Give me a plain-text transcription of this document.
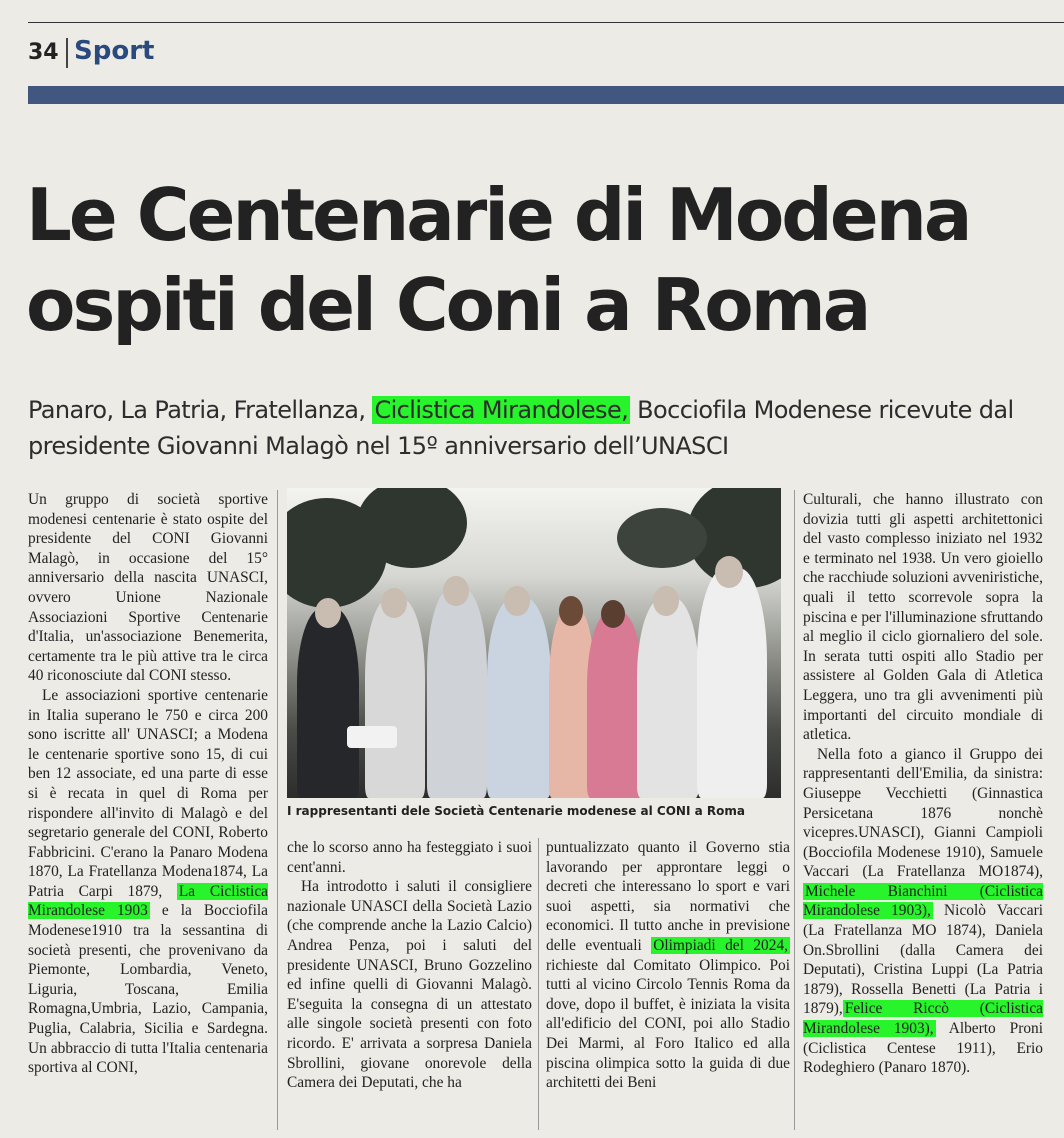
34 Sport
Le Centenarie di Modena
ospiti del Coni a Roma
Panaro, La Patria, Fratellanza, Ciclistica Mirandolese, Bocciofila Modenese ricevute dal presidente Giovanni Malagò nel 15º anniversario dell’UNASCI

Un gruppo di società sportive modenesi centenarie è stato ospite del presidente del CONI Giovanni Malagò, in occasione del 15° anniversario della nascita UNASCI, ovvero Unione Nazionale Associazioni Sportive Centenarie d'Italia, un'associazione Benemerita, certamente tra le più attive tra le circa 40 riconosciute dal CONI stesso.

Le associazioni sportive centenarie in Italia superano le 750 e circa 200 sono iscritte all' UNASCI; a Modena le centenarie sportive sono 15, di cui ben 12 associate, ed una parte di esse si è recata in quel di Roma per rispondere all'invito di Malagò e del segretario generale del CONI, Roberto Fabbricini. C'erano la Panaro Modena 1870, La Fratellanza Modena1874, La Patria Carpi 1879, La Ciclistica Mirandolese 1903 e la Bocciofila Modenese1910 tra la sessantina di società presenti, che provenivano da Piemonte, Lombardia, Veneto, Liguria, Toscana, Emilia Romagna,Umbria, Lazio, Campania, Puglia, Calabria, Sicilia e Sardegna. Un abbraccio di tutta l'Italia centenaria sportiva al CONI,

I rappresentanti dele Società Centenarie modenese al CONI a Roma

che lo scorso anno ha festeggiato i suoi cent'anni.

Ha introdotto i saluti il consigliere nazionale UNASCI della Società Lazio (che comprende anche la Lazio Calcio) Andrea Penza, poi i saluti del presidente UNASCI, Bruno Gozzelino ed infine quelli di Giovanni Malagò. E'seguita la consegna di un attestato alle singole società presenti con foto ricordo. E' arrivata a sorpresa Daniela Sbrollini, giovane onorevole della Camera dei Deputati, che ha

puntualizzato quanto il Governo stia lavorando per approntare leggi o decreti che interessano lo sport e vari suoi aspetti, sia normativi che economici. Il tutto anche in previsione delle eventuali Olimpiadi del 2024, richieste dal Comitato Olimpico. Poi tutti al vicino Circolo Tennis Roma da dove, dopo il buffet, è iniziata la visita all'edificio del CONI, poi allo Stadio Dei Marmi, al Foro Italico ed alla piscina olimpica sotto la guida di due architetti dei Beni

Culturali, che hanno illustrato con dovizia tutti gli aspetti architettonici del vasto complesso iniziato nel 1932 e terminato nel 1938. Un vero gioiello che racchiude soluzioni avveniristiche, quali il tetto scorrevole sopra la piscina e per l'illuminazione sfruttando al meglio il ciclo giornaliero del sole. In serata tutti ospiti allo Stadio per assistere al Golden Gala di Atletica Leggera, uno tra gli avvenimenti più importanti del circuito mondiale di atletica.

Nella foto a gianco il Gruppo dei rappresentanti dell'Emilia, da sinistra: Giuseppe Vecchietti (Ginnastica Persicetana 1876 nonchè vicepres.UNASCI), Gianni Campioli (Bocciofila Modenese 1910), Samuele Vaccari (La Fratellanza MO1874), Michele Bianchini (Ciclistica Mirandolese 1903), Nicolò Vaccari (La Fratellanza MO 1874), Daniela On.Sbrollini (dalla Camera dei Deputati), Cristina Luppi (La Patria 1879), Rossella Benetti (La Patria i 1879), Felice Riccò (Ciclistica Mirandolese 1903), Alberto Proni (Ciclistica Centese 1911), Erio Rodeghiero (Panaro 1870).
